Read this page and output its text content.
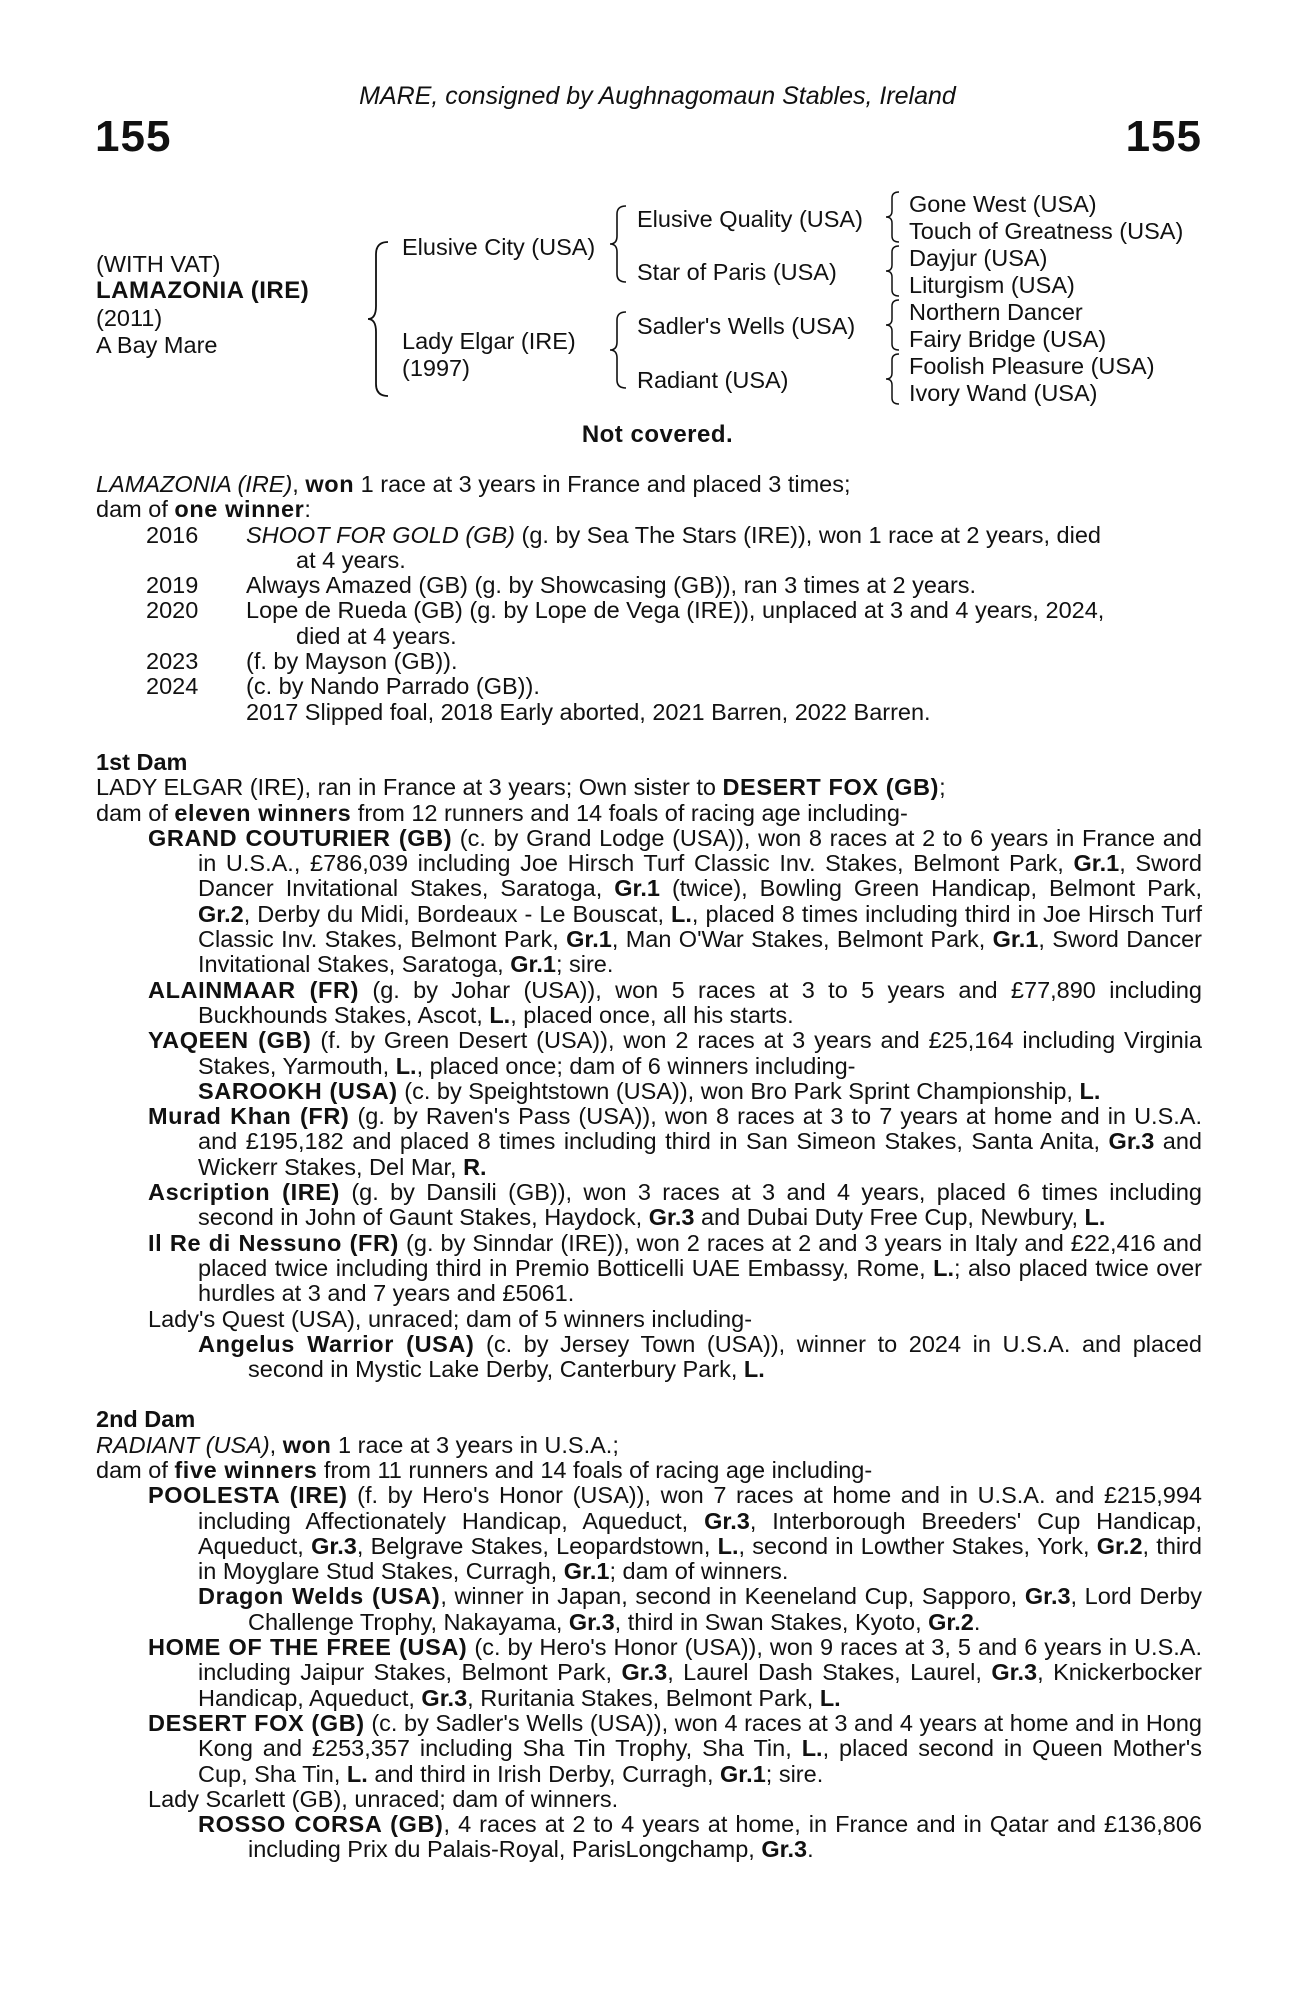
MARE, consigned by Aughnagomaun Stables, Ireland
155	155
(WITH VAT)
LAMAZONIA (IRE)
(2011)
A Bay Mare
Elusive City (USA)
Lady Elgar (IRE)
(1997)
Elusive Quality (USA)
Star of Paris (USA)
Sadler's Wells (USA)
Radiant (USA)
Gone West (USA)
Touch of Greatness (USA)
Dayjur (USA)
Liturgism (USA)
Northern Dancer
Fairy Bridge (USA)
Foolish Pleasure (USA)
Ivory Wand (USA)
Not covered.
LAMAZONIA (IRE), won 1 race at 3 years in France and placed 3 times;
dam of one winner:
2016	SHOOT FOR GOLD (GB) (g. by Sea The Stars (IRE)), won 1 race at 2 years, died
at 4 years.
2019	Always Amazed (GB) (g. by Showcasing (GB)), ran 3 times at 2 years.
2020	Lope de Rueda (GB) (g. by Lope de Vega (IRE)), unplaced at 3 and 4 years, 2024,
died at 4 years.
2023	(f. by Mayson (GB)).
2024	(c. by Nando Parrado (GB)).
2017 Slipped foal, 2018 Early aborted, 2021 Barren, 2022 Barren.
1st Dam
LADY ELGAR (IRE), ran in France at 3 years; Own sister to DESERT FOX (GB);
dam of eleven winners from 12 runners and 14 foals of racing age including-
GRAND COUTURIER (GB) (c. by Grand Lodge (USA)), won 8 races at 2 to 6 years in France and in U.S.A., £786,039 including Joe Hirsch Turf Classic Inv. Stakes, Belmont Park, Gr.1, Sword Dancer Invitational Stakes, Saratoga, Gr.1 (twice), Bowling Green Handicap, Belmont Park, Gr.2, Derby du Midi, Bordeaux - Le Bouscat, L., placed 8 times including third in Joe Hirsch Turf Classic Inv. Stakes, Belmont Park, Gr.1, Man O'War Stakes, Belmont Park, Gr.1, Sword Dancer Invitational Stakes, Saratoga, Gr.1; sire.
ALAINMAAR (FR) (g. by Johar (USA)), won 5 races at 3 to 5 years and £77,890 including Buckhounds Stakes, Ascot, L., placed once, all his starts.
YAQEEN (GB) (f. by Green Desert (USA)), won 2 races at 3 years and £25,164 including Virginia Stakes, Yarmouth, L., placed once; dam of 6 winners including-
SAROOKH (USA) (c. by Speightstown (USA)), won Bro Park Sprint Championship, L.
Murad Khan (FR) (g. by Raven's Pass (USA)), won 8 races at 3 to 7 years at home and in U.S.A. and £195,182 and placed 8 times including third in San Simeon Stakes, Santa Anita, Gr.3 and Wickerr Stakes, Del Mar, R.
Ascription (IRE) (g. by Dansili (GB)), won 3 races at 3 and 4 years, placed 6 times including second in John of Gaunt Stakes, Haydock, Gr.3 and Dubai Duty Free Cup, Newbury, L.
Il Re di Nessuno (FR) (g. by Sinndar (IRE)), won 2 races at 2 and 3 years in Italy and £22,416 and placed twice including third in Premio Botticelli UAE Embassy, Rome, L.; also placed twice over hurdles at 3 and 7 years and £5061.
Lady's Quest (USA), unraced; dam of 5 winners including-
Angelus Warrior (USA) (c. by Jersey Town (USA)), winner to 2024 in U.S.A. and placed second in Mystic Lake Derby, Canterbury Park, L.
2nd Dam
RADIANT (USA), won 1 race at 3 years in U.S.A.;
dam of five winners from 11 runners and 14 foals of racing age including-
POOLESTA (IRE) (f. by Hero's Honor (USA)), won 7 races at home and in U.S.A. and £215,994 including Affectionately Handicap, Aqueduct, Gr.3, Interborough Breeders' Cup Handicap, Aqueduct, Gr.3, Belgrave Stakes, Leopardstown, L., second in Lowther Stakes, York, Gr.2, third in Moyglare Stud Stakes, Curragh, Gr.1; dam of winners.
Dragon Welds (USA), winner in Japan, second in Keeneland Cup, Sapporo, Gr.3, Lord Derby Challenge Trophy, Nakayama, Gr.3, third in Swan Stakes, Kyoto, Gr.2.
HOME OF THE FREE (USA) (c. by Hero's Honor (USA)), won 9 races at 3, 5 and 6 years in U.S.A. including Jaipur Stakes, Belmont Park, Gr.3, Laurel Dash Stakes, Laurel, Gr.3, Knickerbocker Handicap, Aqueduct, Gr.3, Ruritania Stakes, Belmont Park, L.
DESERT FOX (GB) (c. by Sadler's Wells (USA)), won 4 races at 3 and 4 years at home and in Hong Kong and £253,357 including Sha Tin Trophy, Sha Tin, L., placed second in Queen Mother's Cup, Sha Tin, L. and third in Irish Derby, Curragh, Gr.1; sire.
Lady Scarlett (GB), unraced; dam of winners.
ROSSO CORSA (GB), 4 races at 2 to 4 years at home, in France and in Qatar and £136,806 including Prix du Palais-Royal, ParisLongchamp, Gr.3.
